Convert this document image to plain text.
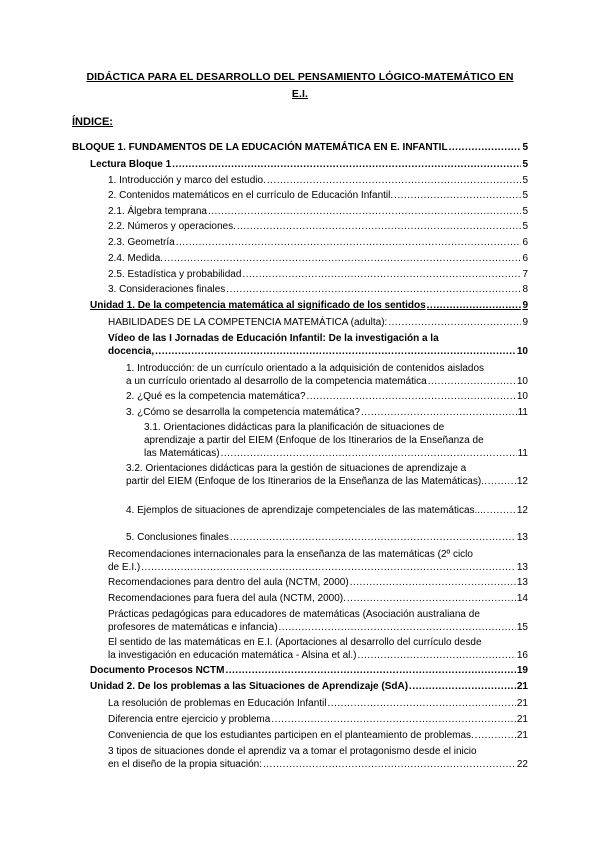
DIDÁCTICA PARA EL DESARROLLO DEL PENSAMIENTO LÓGICO-MATEMÁTICO EN
E.I.
ÍNDICE:
BLOQUE 1. FUNDAMENTOS DE LA EDUCACIÓN MATEMÁTICA EN E. INFANTIL .....	5
Lectura Bloque 1 .....	5
1. Introducción y marco del estudio. .....	5
2. Contenidos matemáticos en el currículo de Educación Infantil. .....	5
2.1. Álgebra temprana .....	5
2.2. Números y operaciones. .....	5
2.3. Geometría .....	6
2.4. Medida. .....	6
2.5. Estadística y probabilidad .....	7
3. Consideraciones finales .....	8
Unidad 1. De la competencia matemática al significado de los sentidos .....	9
HABILIDADES DE LA COMPETENCIA MATEMÁTICA (adulta): .....	9
Vídeo de las I Jornadas de Educación Infantil: De la investigación a la
docencia, .....	10
1. Introducción: de un currículo orientado a la adquisición de contenidos aislados
a un currículo orientado al desarrollo de la competencia matemática .....	10
2. ¿Qué es la competencia matemática? .....	10
3. ¿Cómo se desarrolla la competencia matemática? .....	11
3.1. Orientaciones didácticas para la planificación de situaciones de
aprendizaje a partir del EIEM (Enfoque de los Itinerarios de la Enseñanza de
las Matemáticas) .....	11
3.2. Orientaciones didácticas para la gestión de situaciones de aprendizaje a
partir del EIEM (Enfoque de los Itinerarios de la Enseñanza de las Matemáticas).. .....	12
4. Ejemplos de situaciones de aprendizaje competenciales de las matemáticas.... .....	12
5. Conclusiones finales .....	13
Recomendaciones internacionales para la enseñanza de las matemáticas (2º ciclo
de E.I.) .....	13
Recomendaciones para dentro del aula (NCTM, 2000) .....	13
Recomendaciones para fuera del aula (NCTM, 2000). .....	14
Prácticas pedagógicas para educadores de matemáticas (Asociación australiana de
profesores de matemáticas e infancia) .....	15
El sentido de las matemáticas en E.I. (Aportaciones al desarrollo del currículo desde
la investigación en educación matemática - Alsina et al.) .....	16
Documento Procesos NCTM .....	19
Unidad 2. De los problemas a las Situaciones de Aprendizaje (SdA) .....	21
La resolución de problemas en Educación Infantil .....	21
Diferencia entre ejercicio y problema .....	21
Conveniencia de que los estudiantes participen en el planteamiento de problemas. .....	21
3 tipos de situaciones donde el aprendiz va a tomar el protagonismo desde el inicio
en el diseño de la propia situación: .....	22
